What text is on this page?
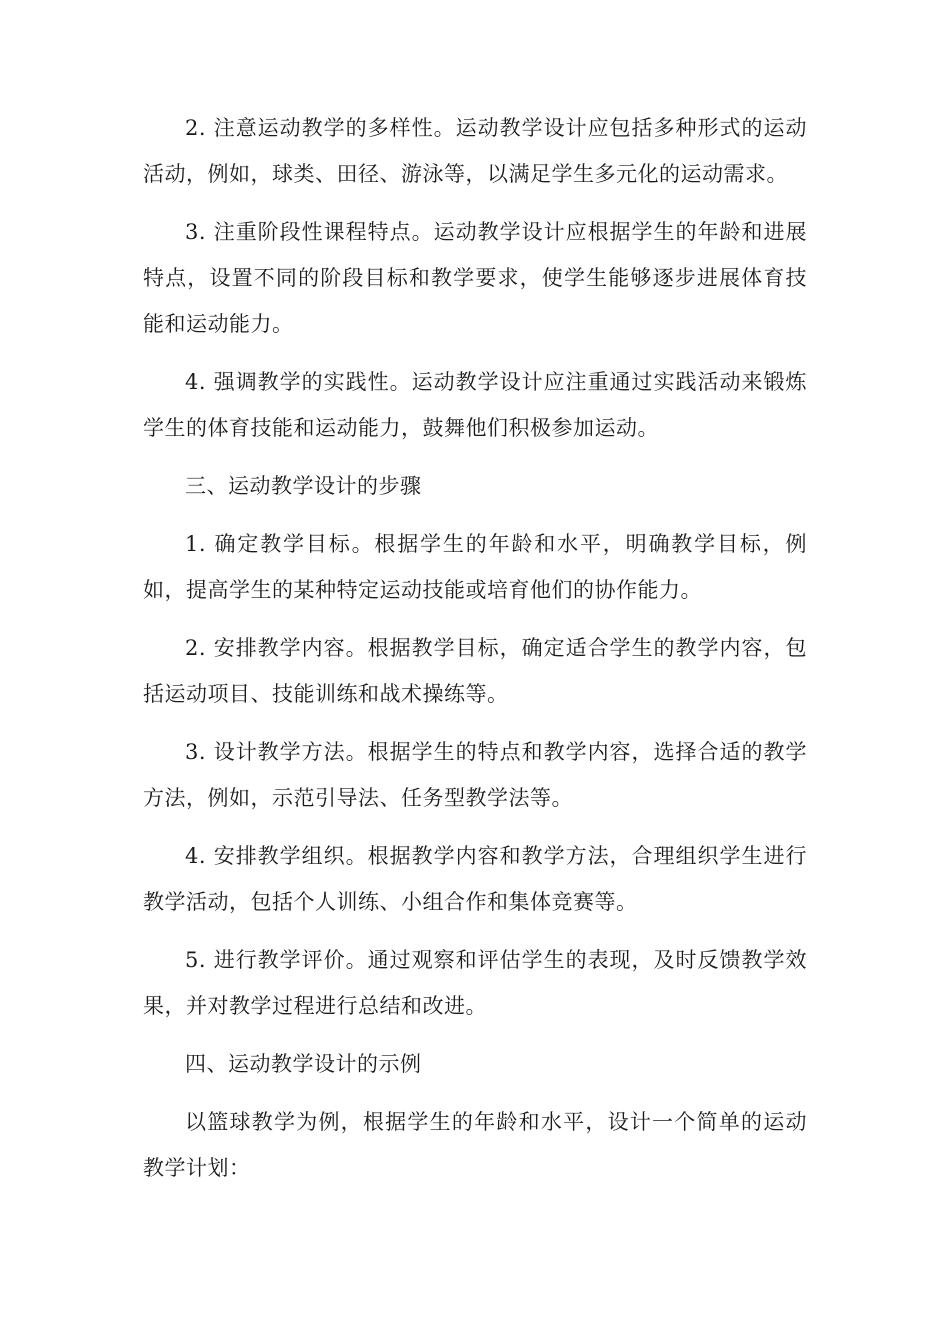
2. 注意运动教学的多样性。运动教学设计应包括多种形式的运动活动，例如，球类、田径、游泳等，以满足学生多元化的运动需求。

3. 注重阶段性课程特点。运动教学设计应根据学生的年龄和进展特点，设置不同的阶段目标和教学要求，使学生能够逐步进展体育技能和运动能力。

4. 强调教学的实践性。运动教学设计应注重通过实践活动来锻炼学生的体育技能和运动能力，鼓舞他们积极参加运动。

三、运动教学设计的步骤

1. 确定教学目标。根据学生的年龄和水平，明确教学目标，例如，提高学生的某种特定运动技能或培育他们的协作能力。

2. 安排教学内容。根据教学目标，确定适合学生的教学内容，包括运动项目、技能训练和战术操练等。

3. 设计教学方法。根据学生的特点和教学内容，选择合适的教学方法，例如，示范引导法、任务型教学法等。

4. 安排教学组织。根据教学内容和教学方法，合理组织学生进行教学活动，包括个人训练、小组合作和集体竞赛等。

5. 进行教学评价。通过观察和评估学生的表现，及时反馈教学效果，并对教学过程进行总结和改进。

四、运动教学设计的示例

以篮球教学为例，根据学生的年龄和水平，设计一个简单的运动教学计划：
